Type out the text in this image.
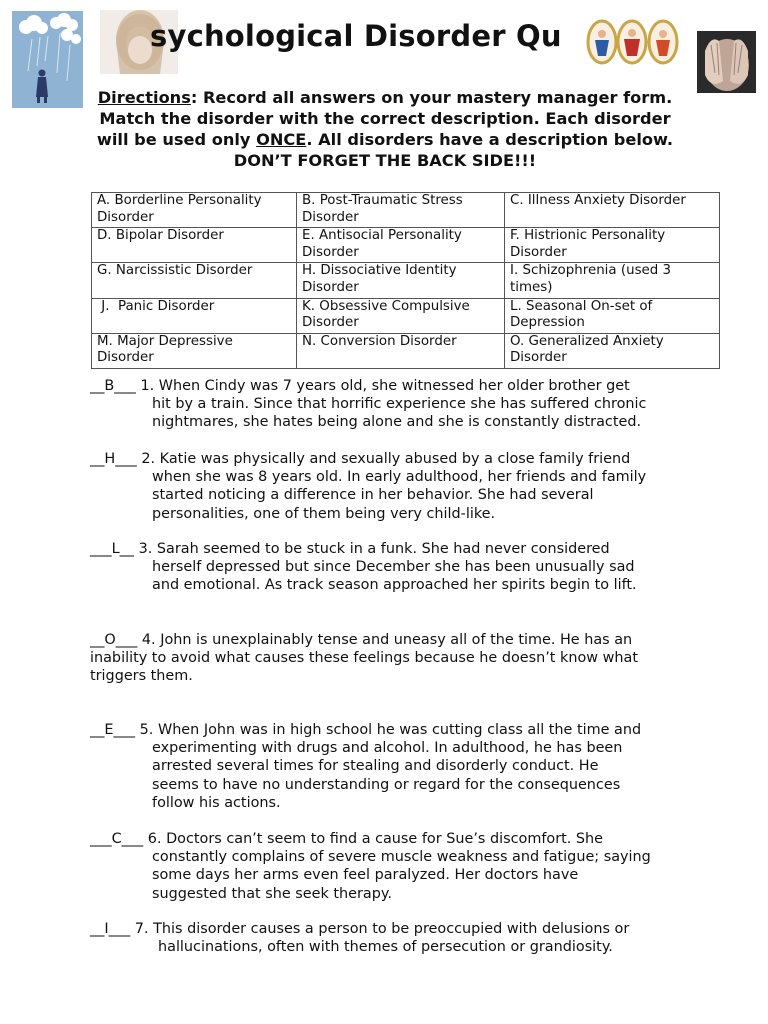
sychological Disorder Qu

Directions: Record all answers on your mastery manager form.

Match the disorder with the correct description. Each disorder will be used only ONCE. All disorders have a description below. DON’T FORGET THE BACK SIDE!!!

A. Borderline Personality Disorder	B. Post-Traumatic Stress Disorder	C. Illness Anxiety Disorder
D. Bipolar Disorder	E. Antisocial Personality Disorder	F. Histrionic Personality Disorder
G. Narcissistic Disorder	H. Dissociative Identity Disorder	I. Schizophrenia (used 3 times)
J.  Panic Disorder	K. Obsessive Compulsive Disorder	L. Seasonal On-set of Depression
M. Major Depressive Disorder	N. Conversion Disorder	O. Generalized Anxiety Disorder
__B___ 1. When Cindy was 7 years old, she witnessed her older brother get
hit by a train. Since that horrific experience she has suffered chronic
nightmares, she hates being alone and she is constantly distracted.
__H___ 2. Katie was physically and sexually abused by a close family friend
when she was 8 years old. In early adulthood, her friends and family
started noticing a difference in her behavior. She had several
personalities, one of them being very child-like.
___L__ 3. Sarah seemed to be stuck in a funk. She had never considered
herself depressed but since December she has been unusually sad
and emotional. As track season approached her spirits begin to lift.
__O___ 4. John is unexplainably tense and uneasy all of the time. He has an inability to avoid what causes these feelings because he doesn’t know what triggers them.
__E___ 5. When John was in high school he was cutting class all the time and
experimenting with drugs and alcohol. In adulthood, he has been
arrested several times for stealing and disorderly conduct. He
seems to have no understanding or regard for the consequences
follow his actions.
___C___ 6. Doctors can’t seem to find a cause for Sue’s discomfort. She
constantly complains of severe muscle weakness and fatigue; saying
some days her arms even feel paralyzed. Her doctors have
suggested that she seek therapy.
__I___ 7. This disorder causes a person to be preoccupied with delusions or
hallucinations, often with themes of persecution or grandiosity.
